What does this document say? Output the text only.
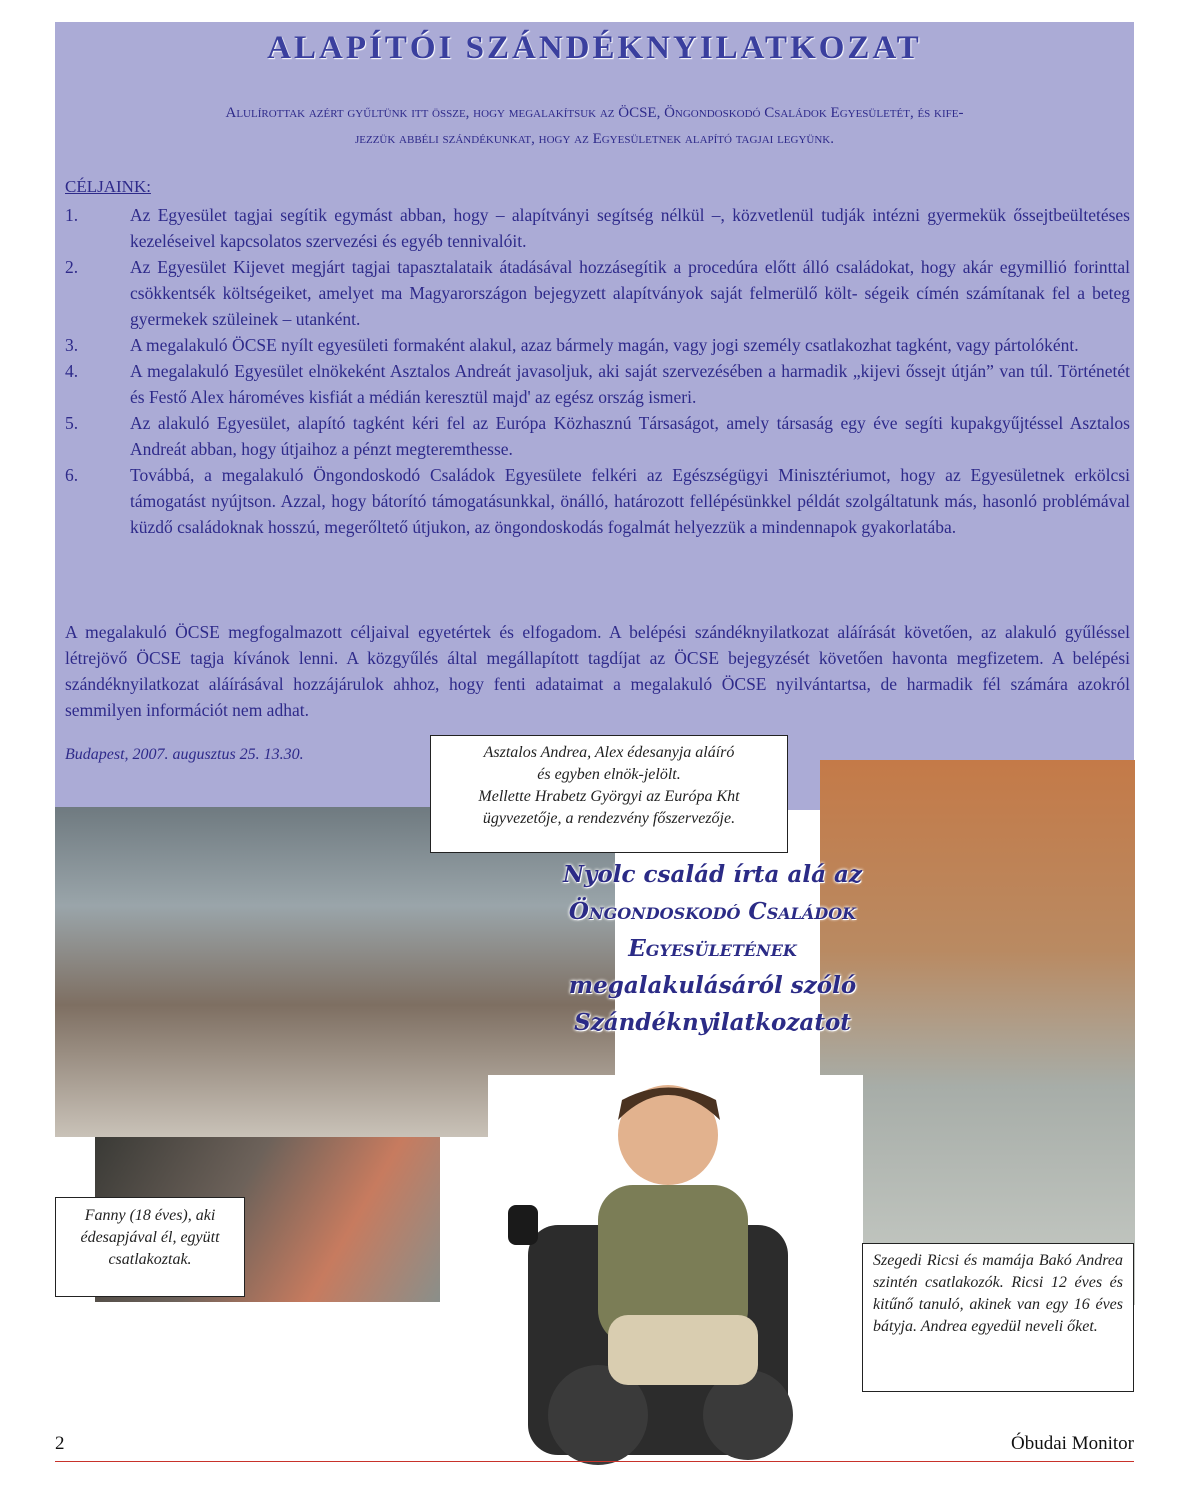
ALAPÍTÓI SZÁNDÉKNYILATKOZAT
Alulírottak azért gyűltünk itt össze, hogy megalakítsuk az ÖCSE, Öngondoskodó Családok Egyesületét, és kife-
jezzük abbéli szándékunkat, hogy az Egyesületnek alapító tagjai legyünk.
CÉLJAINK:
1.	Az Egyesület tagjai segítik egymást abban, hogy – alapítványi segítség nélkül –, közvetlenül tudják intézni gyermekük őssejtbeültetéses kezeléseivel kapcsolatos szervezési és egyéb tennivalóit.
2.	Az Egyesület Kijevet megjárt tagjai tapasztalataik átadásával hozzásegítik a procedúra előtt álló családokat, hogy akár egymillió forinttal csökkentsék költségeiket, amelyet ma Magyarországon bejegyzett alapítványok saját felmerülő költ- ségeik címén számítanak fel a beteg gyermekek szüleinek – utanként.
3.	A megalakuló ÖCSE nyílt egyesületi formaként alakul, azaz bármely magán, vagy jogi személy csatlakozhat tagként, vagy pártolóként.
4.	A megalakuló Egyesület elnökeként Asztalos Andreát javasoljuk, aki saját szervezésében a harmadik „kijevi őssejt útján” van túl. Történetét és Festő Alex hároméves kisfiát a médián keresztül majd' az egész ország ismeri.
5.	Az alakuló Egyesület, alapító tagként kéri fel az Európa Közhasznú Társaságot, amely társaság egy éve segíti kupakgyűjtéssel Asztalos Andreát abban, hogy útjaihoz a pénzt megteremthesse.
6.	Továbbá, a megalakuló Öngondoskodó Családok Egyesülete felkéri az Egészségügyi Minisztériumot, hogy az Egyesületnek erkölcsi támogatást nyújtson. Azzal, hogy bátorító támogatásunkkal, önálló, határozott fellépésünkkel példát szolgáltatunk más, hasonló problémával küzdő családoknak hosszú, megerőltető útjukon, az öngondoskodás fogalmát helyezzük a mindennapok gyakorlatába.

A megalakuló ÖCSE megfogalmazott céljaival egyetértek és elfogadom. A belépési szándéknyilatkozat aláírását követően, az alakuló gyűléssel létrejövő ÖCSE tagja kívánok lenni. A közgyűlés által megállapított tagdíjat az ÖCSE bejegyzését követően havonta megfizetem. A belépési szándéknyilatkozat aláírásával hozzájárulok ahhoz, hogy fenti adataimat a megalakuló ÖCSE nyilvántartsa, de harmadik fél számára azokról semmilyen információt nem adhat.

Budapest, 2007. augusztus 25. 13.30.	Asztalos Andrea, Alex édesanyja aláíró
és egyben elnök-jelölt.
Mellette Hrabetz Györgyi az Európa Kht
ügyvezetője, a rendezvény főszervezője.
Fanny (18 éves), aki édesapjával él, együtt csatlakoztak.	Szegedi Ricsi és mamája Bakó Andrea szintén csatlakozók. Ricsi 12 éves és kitűnő tanuló, akinek van egy 16 éves bátyja. Andrea egyedül neveli őket.
Nyolc család írta alá az
Öngondoskodó Családok
Egyesületének
megalakulásáról szóló
Szándéknyilatkozatot
2	Óbudai Monitor
